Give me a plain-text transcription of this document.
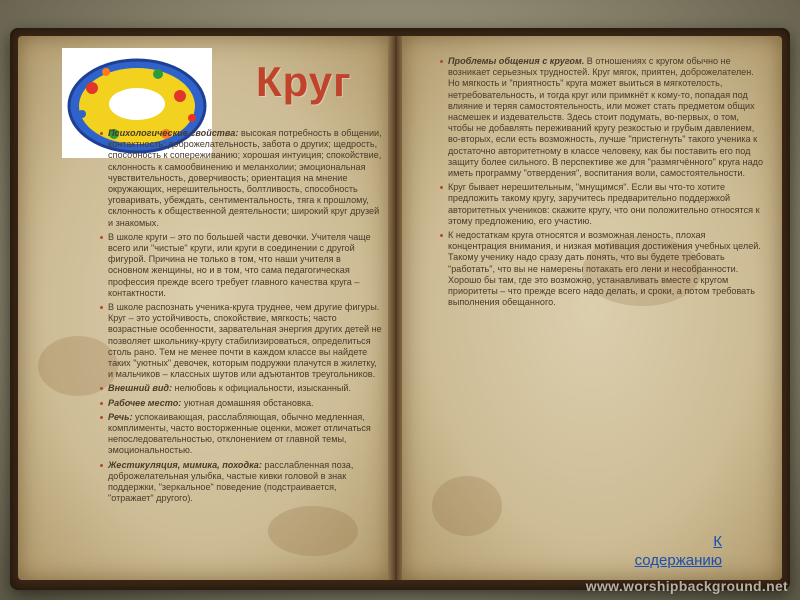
Круг
Психологические свойства: высокая потребность в общении, контактность; доброжелательность, забота о других; щедрость, способность к сопереживанию; хорошая интуиция; спокойствие, склонность к самообвинению и меланхолии; эмоциональная чувствительность, доверчивость; ориентация на мнение окружающих, нерешительность, болтливость, способность уговаривать, убеждать, сентиментальность, тяга к прошлому, склонность к общественной деятельности; широкий круг друзей и знакомых.
В школе круги – это по большей части девочки. Учителя чаще всего или "чистые" круги, или круги в соединении с другой фигурой. Причина не только в том, что наши учителя в основном женщины, но и в том, что сама педагогическая профессия прежде всего требует главного качества круга – контактности.
В школе распознать ученика-круга труднее, чем другие фигуры. Круг – это устойчивость, спокойствие, мягкость; часто возрастные особенности, зарвательная энергия других детей не позволяет школьнику-кругу стабилизироваться, определиться столь рано. Тем не менее почти в каждом классе вы найдете таких "уютных" девочек, которым подружки плачутся в жилетку, и мальчиков – классных шутов или адъютантов треугольников.
Внешний вид: нелюбовь к официальности, изысканный.
Рабочее место: уютная домашняя обстановка.
Речь: успокаивающая, расслабляющая, обычно медленная, комплименты, часто восторженные оценки, может отличаться непоследовательностью, отклонением от главной темы, эмоциональностью.
Жестикуляция, мимика, походка: расслабленная поза, доброжелательная улыбка, частые кивки головой в знак поддержки, "зеркальное" поведение (подстраивается, "отражает" другого).
Проблемы общения с кругом. В отношениях с кругом обычно не возникает серьезных трудностей. Круг мягок, приятен, доброжелателен. Но мягкость и "приятность" круга может выиться в мягкотелость, нетребовательность, и тогда круг или примкнёт к кому-то, попадая под влияние и теряя самостоятельность, или может стать предметом общих насмешек и издевательств. Здесь стоит подумать, во-первых, о том, чтобы не добавлять переживаний кругу резкостью и грубым давлением, во-вторых, если есть возможность, лучше "пристегнуть" такого ученика к достаточно авторитетному в классе человеку, как бы поставить его под защиту более сильного. В перспективе же для "размягчённого" круга надо иметь программу "отвердения", воспитания воли, самостоятельности.
Круг бывает нерешительным, "мнущимся". Если вы что-то хотите предложить такому кругу, заручитесь предварительно поддержкой авторитетных учеников: скажите кругу, что они положительно относятся к этому предложению, его участию.
К недостаткам круга относятся и возможная леность, плохая концентрация внимания, и низкая мотивация достижения учебных целей. Такому ученику надо сразу дать понять, что вы будете требовать "работать", что вы не намерены потакать его лени и несобранности. Хорошо бы там, где это возможно, устанавливать вместе с кругом приоритеты – что прежде всего надо делать, и сроки, а потом требовать выполнения обещанного.
К
содержанию
www.worshipbackground.net
